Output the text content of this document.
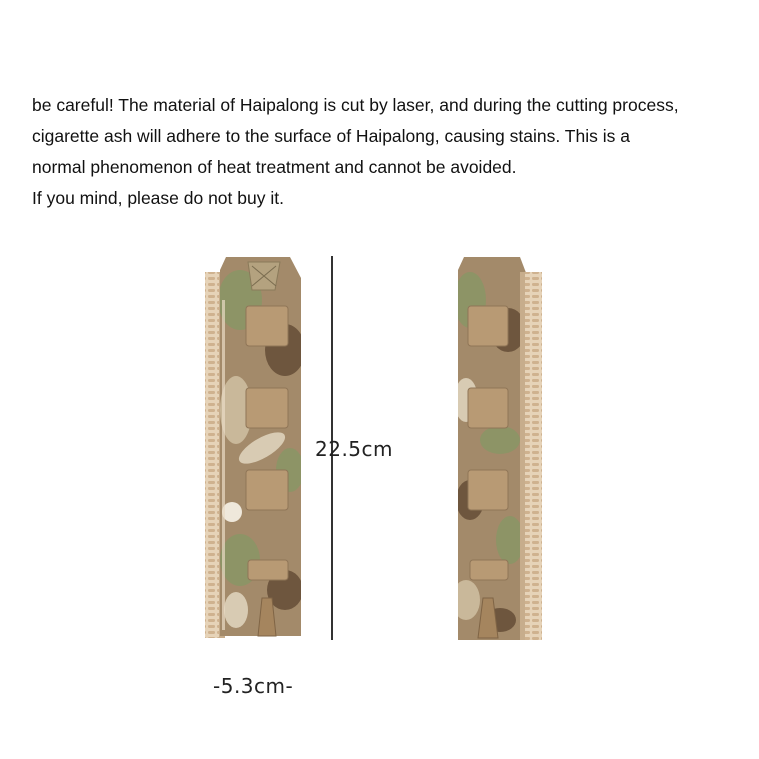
be careful! The material of Haipalong is cut by laser, and during the cutting process,
cigarette ash will adhere to the surface of Haipalong, causing stains. This is a
normal phenomenon of heat treatment and cannot be avoided.
If you mind, please do not buy it.
22.5cm
-5.3cm-
